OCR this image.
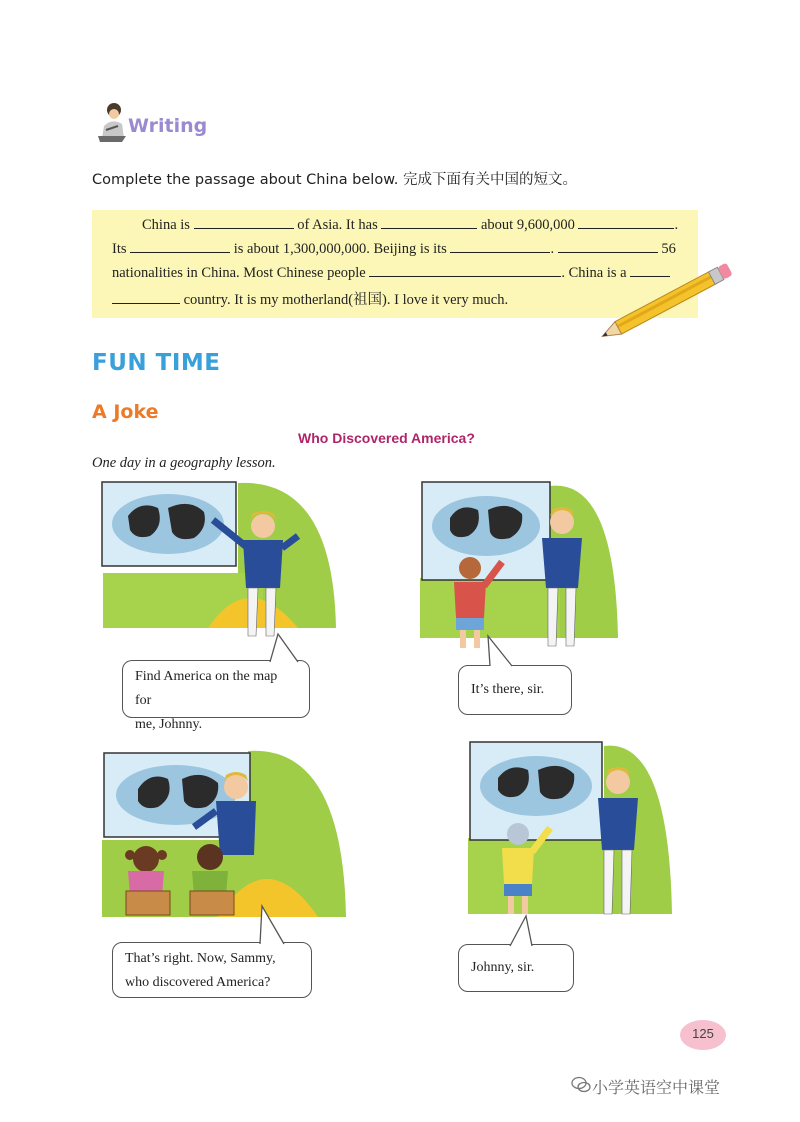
Writing
Complete the passage about China below. 完成下面有关中国的短文。
China is	of Asia. It has	about 9,600,000	.
Its	is about 1,300,000,000. Beijing is its	.	56
nationalities in China. Most Chinese people	. China is a
country. It is my motherland(祖国). I love it very much.
FUN TIME
A Joke
Who Discovered America?
One day in a geography lesson.
Find America on the map for
me, Johnny.
It’s there, sir.
That’s right. Now, Sammy,
who discovered America?
Johnny, sir.
125
小学英语空中课堂
